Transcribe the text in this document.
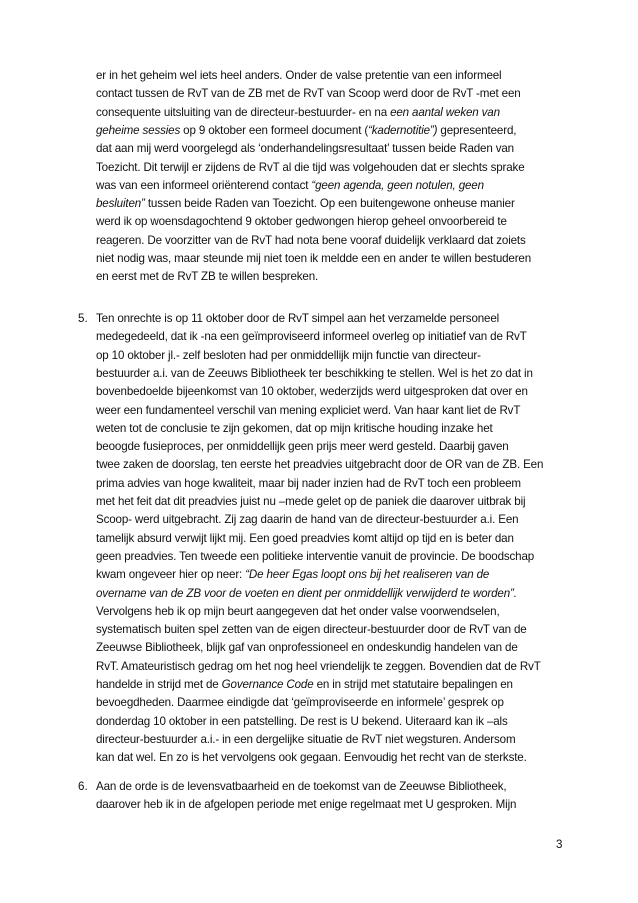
er in het geheim wel iets heel anders. Onder de valse pretentie van een informeel
contact tussen de RvT van de ZB met de RvT van Scoop werd door de RvT -met een
consequente uitsluiting van de directeur-bestuurder- en na een aantal weken van
geheime sessies op 9 oktober een formeel document (“kadernotitie”) gepresenteerd,
dat aan mij werd voorgelegd als ‘onderhandelingsresultaat’ tussen beide Raden van
Toezicht. Dit terwijl er zijdens de RvT al die tijd was volgehouden dat er slechts sprake
was van een informeel oriënterend contact “geen agenda, geen notulen, geen
besluiten” tussen beide Raden van Toezicht. Op een buitengewone onheuse manier
werd ik op woensdagochtend 9 oktober gedwongen hierop geheel onvoorbereid te
reageren. De voorzitter van de RvT had nota bene vooraf duidelijk verklaard dat zoiets
niet nodig was, maar steunde mij niet toen ik meldde een en ander te willen bestuderen
en eerst met de RvT ZB te willen bespreken.
5. Ten onrechte is op 11 oktober door de RvT simpel aan het verzamelde personeel
medegedeeld, dat ik -na een geïmproviseerd informeel overleg op initiatief van de RvT
op 10 oktober jl.- zelf besloten had per onmiddellijk mijn functie van directeur-
bestuurder a.i. van de Zeeuws Bibliotheek ter beschikking te stellen. Wel is het zo dat in
bovenbedoelde bijeenkomst van 10 oktober, wederzijds werd uitgesproken dat over en
weer een fundamenteel verschil van mening expliciet werd. Van haar kant liet de RvT
weten tot de conclusie te zijn gekomen, dat op mijn kritische houding inzake het
beoogde fusieproces, per onmiddellijk geen prijs meer werd gesteld. Daarbij gaven
twee zaken de doorslag, ten eerste het preadvies uitgebracht door de OR van de ZB. Een
prima advies van hoge kwaliteit, maar bij nader inzien had de RvT toch een probleem
met het feit dat dit preadvies juist nu –mede gelet op de paniek die daarover uitbrak bij
Scoop- werd uitgebracht. Zij zag daarin de hand van de directeur-bestuurder a.i. Een
tamelijk absurd verwijt lijkt mij. Een goed preadvies komt altijd op tijd en is beter dan
geen preadvies. Ten tweede een politieke interventie vanuit de provincie. De boodschap
kwam ongeveer hier op neer: “De heer Egas loopt ons bij het realiseren van de
overname van de ZB voor de voeten en dient per onmiddellijk verwijderd te worden”.
Vervolgens heb ik op mijn beurt aangegeven dat het onder valse voorwendselen,
systematisch buiten spel zetten van de eigen directeur-bestuurder door de RvT van de
Zeeuwse Bibliotheek, blijk gaf van onprofessioneel en ondeskundig handelen van de
RvT. Amateuristisch gedrag om het nog heel vriendelijk te zeggen. Bovendien dat de RvT
handelde in strijd met de Governance Code en in strijd met statutaire bepalingen en
bevoegdheden. Daarmee eindigde dat ‘geïmproviseerde en informele’ gesprek op
donderdag 10 oktober in een patstelling. De rest is U bekend. Uiteraard kan ik –als
directeur-bestuurder a.i.- in een dergelijke situatie de RvT niet wegsturen. Andersom
kan dat wel. En zo is het vervolgens ook gegaan. Eenvoudig het recht van de sterkste.
6. Aan de orde is de levensvatbaarheid en de toekomst van de Zeeuwse Bibliotheek,
daarover heb ik in de afgelopen periode met enige regelmaat met U gesproken. Mijn
3
